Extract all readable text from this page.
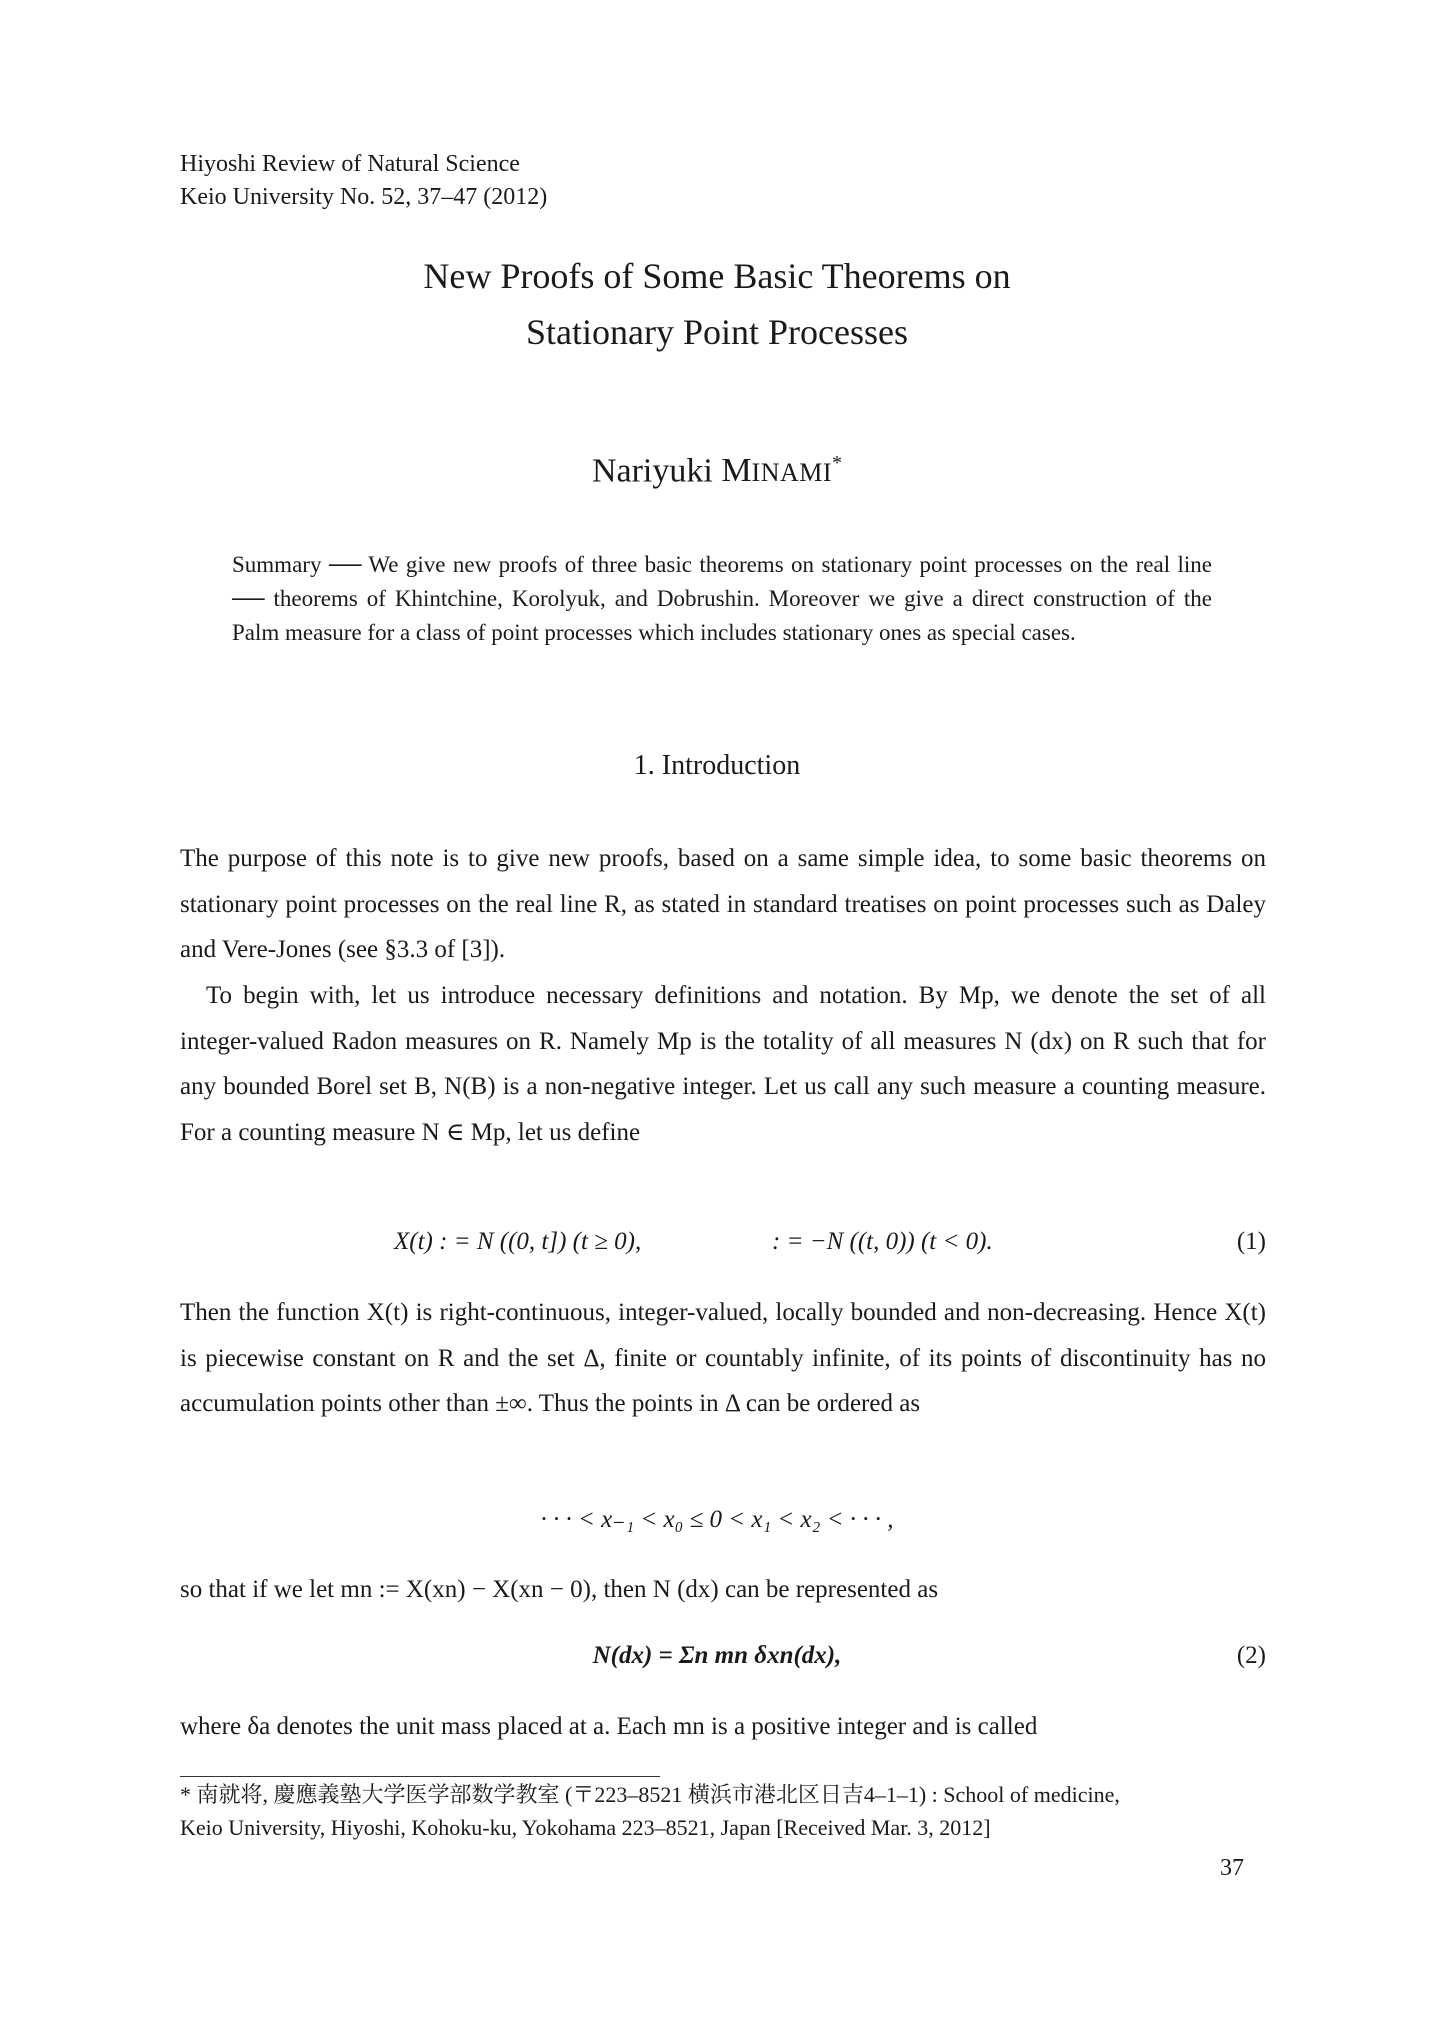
Hiyoshi Review of Natural Science
Keio University No. 52, 37–47 (2012)
New Proofs of Some Basic Theorems on
Stationary Point Processes
Nariyuki MINAMI*
Summary ── We give new proofs of three basic theorems on stationary point processes on the real line ── theorems of Khintchine, Korolyuk, and Dobrushin. Moreover we give a direct construction of the Palm measure for a class of point processes which includes stationary ones as special cases.
1. Introduction

The purpose of this note is to give new proofs, based on a same simple idea, to some basic theorems on stationary point processes on the real line R, as stated in standard treatises on point processes such as Daley and Vere-Jones (see §3.3 of [3]).

To begin with, let us introduce necessary definitions and notation. By Mp, we denote the set of all integer-valued Radon measures on R. Namely Mp is the totality of all measures N (dx) on R such that for any bounded Borel set B, N(B) is a non-negative integer. Let us call any such measure a counting measure. For a counting measure N ∈ Mp, let us define

X(t) : = N ((0, t]) (t ≥ 0),	: = −N ((t, 0)) (t < 0).	(1)

Then the function X(t) is right-continuous, integer-valued, locally bounded and non-decreasing. Hence X(t) is piecewise constant on R and the set Δ, finite or countably infinite, of its points of discontinuity has no accumulation points other than ±∞. Thus the points in Δ can be ordered as

· · · < x₋₁ < x₀ ≤ 0 < x₁ < x₂ < · · · ,

so that if we let mn := X(xn) − X(xn − 0), then N (dx) can be represented as

N(dx) = Σn mn δxn(dx),	(2)

where δa denotes the unit mass placed at a. Each mn is a positive integer and is called

* 南就将, 慶應義塾大学医学部数学教室 (〒223–8521 横浜市港北区日吉4–1–1) : School of medicine,
Keio University, Hiyoshi, Kohoku-ku, Yokohama 223–8521, Japan [Received Mar. 3, 2012]
37
